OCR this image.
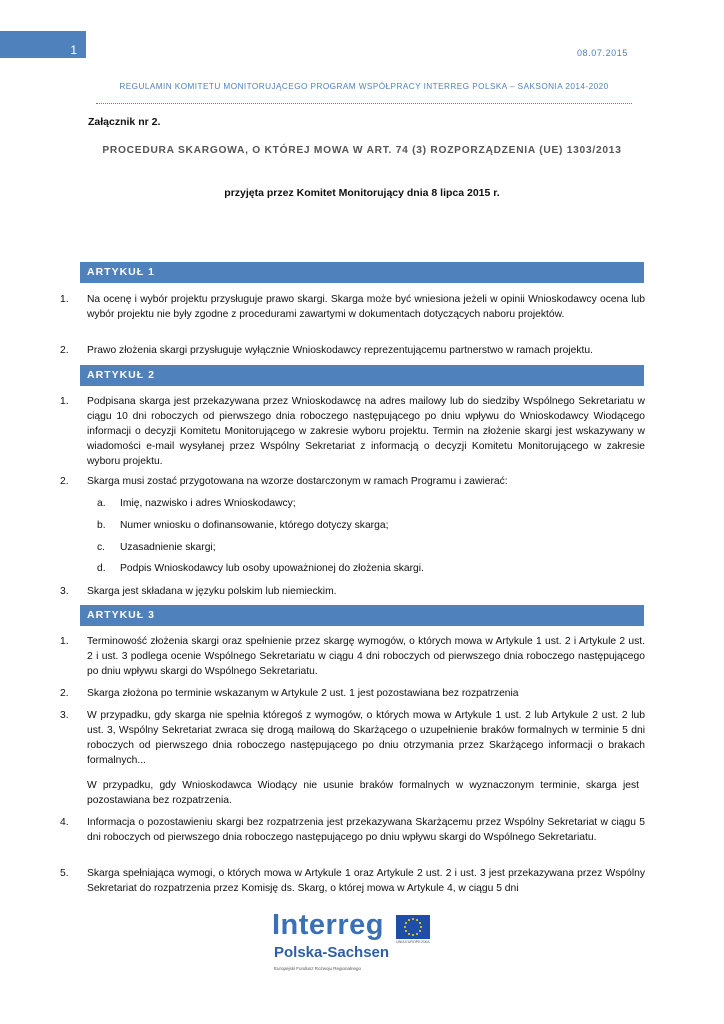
1	08.07.2015
REGULAMIN KOMITETU MONITORUJĄCEGO PROGRAM WSPÓŁPRACY INTERREG POLSKA – SAKSONIA 2014-2020
Załącznik nr 2.
PROCEDURA SKARGOWA, O KTÓREJ MOWA W ART. 74 (3) ROZPORZĄDZENIA (UE) 1303/2013
przyjęta przez Komitet Monitorujący dnia 8 lipca 2015 r.
ARTYKUŁ 1
1.	Na ocenę i wybór projektu przysługuje prawo skargi. Skarga może być wniesiona jeżeli w opinii Wnioskodawcy ocena lub wybór projektu nie były zgodne z procedurami zawartymi w dokumentach dotyczących naboru projektów.
2.	Prawo złożenia skargi przysługuje wyłącznie Wnioskodawcy reprezentującemu partnerstwo w ramach projektu.
ARTYKUŁ 2
1.	Podpisana skarga jest przekazywana przez Wnioskodawcę na adres mailowy lub do siedziby Wspólnego Sekretariatu w ciągu 10 dni roboczych od pierwszego dnia roboczego następującego po dniu wpływu do Wnioskodawcy Wiodącego informacji o decyzji Komitetu Monitorującego w zakresie wyboru projektu. Termin na złożenie skargi jest wskazywany w wiadomości e-mail wysyłanej przez Wspólny Sekretariat z informacją o decyzji Komitetu Monitorującego w zakresie wyboru projektu.
2.	Skarga musi zostać przygotowana na wzorze dostarczonym w ramach Programu i zawierać:
a.	Imię, nazwisko i adres Wnioskodawcy;
b.	Numer wniosku o dofinansowanie, którego dotyczy skarga;
c.	Uzasadnienie skargi;
d.	Podpis Wnioskodawcy lub osoby upoważnionej do złożenia skargi.
3.	Skarga jest składana w języku polskim lub niemieckim.
ARTYKUŁ 3
1.	Terminowość złożenia skargi oraz spełnienie przez skargę wymogów, o których mowa w Artykule 1 ust. 2 i Artykule 2 ust. 2 i ust. 3 podlega ocenie Wspólnego Sekretariatu w ciągu 4 dni roboczych od pierwszego dnia roboczego następującego po dniu wpływu skargi do Wspólnego Sekretariatu.
2.	Skarga złożona po terminie wskazanym w Artykule 2 ust. 1 jest pozostawiana bez rozpatrzenia
3.	W przypadku, gdy skarga nie spełnia któregoś z wymogów, o których mowa w Artykule 1 ust. 2 lub Artykule 2 ust. 2 lub ust. 3, Wspólny Sekretariat zwraca się drogą mailową do Skarżącego o uzupełnienie braków formalnych w terminie 5 dni roboczych od pierwszego dnia roboczego następującego po dniu otrzymania przez Skarżącego informacji o brakach formalnych...
W przypadku, gdy Wnioskodawca Wiodący nie usunie braków formalnych w wyznaczonym terminie, skarga jest pozostawiana bez rozpatrzenia.
4.	Informacja o pozostawieniu skargi bez rozpatrzenia jest przekazywana Skarżącemu przez Wspólny Sekretariat w ciągu 5 dni roboczych od pierwszego dnia roboczego następującego po dniu wpływu skargi do Wspólnego Sekretariatu.
5.	Skarga spełniająca wymogi, o których mowa w Artykule 1 oraz Artykule 2 ust. 2 i ust. 3 jest przekazywana przez Wspólny Sekretariat do rozpatrzenia przez Komisję ds. Skarg, o której mowa w Artykule 4, w ciągu 5 dni
Interreg
Polska-Sachsen
Europejski Fundusz Rozwoju Regionalnego
UNIA EUROPEJSKA
